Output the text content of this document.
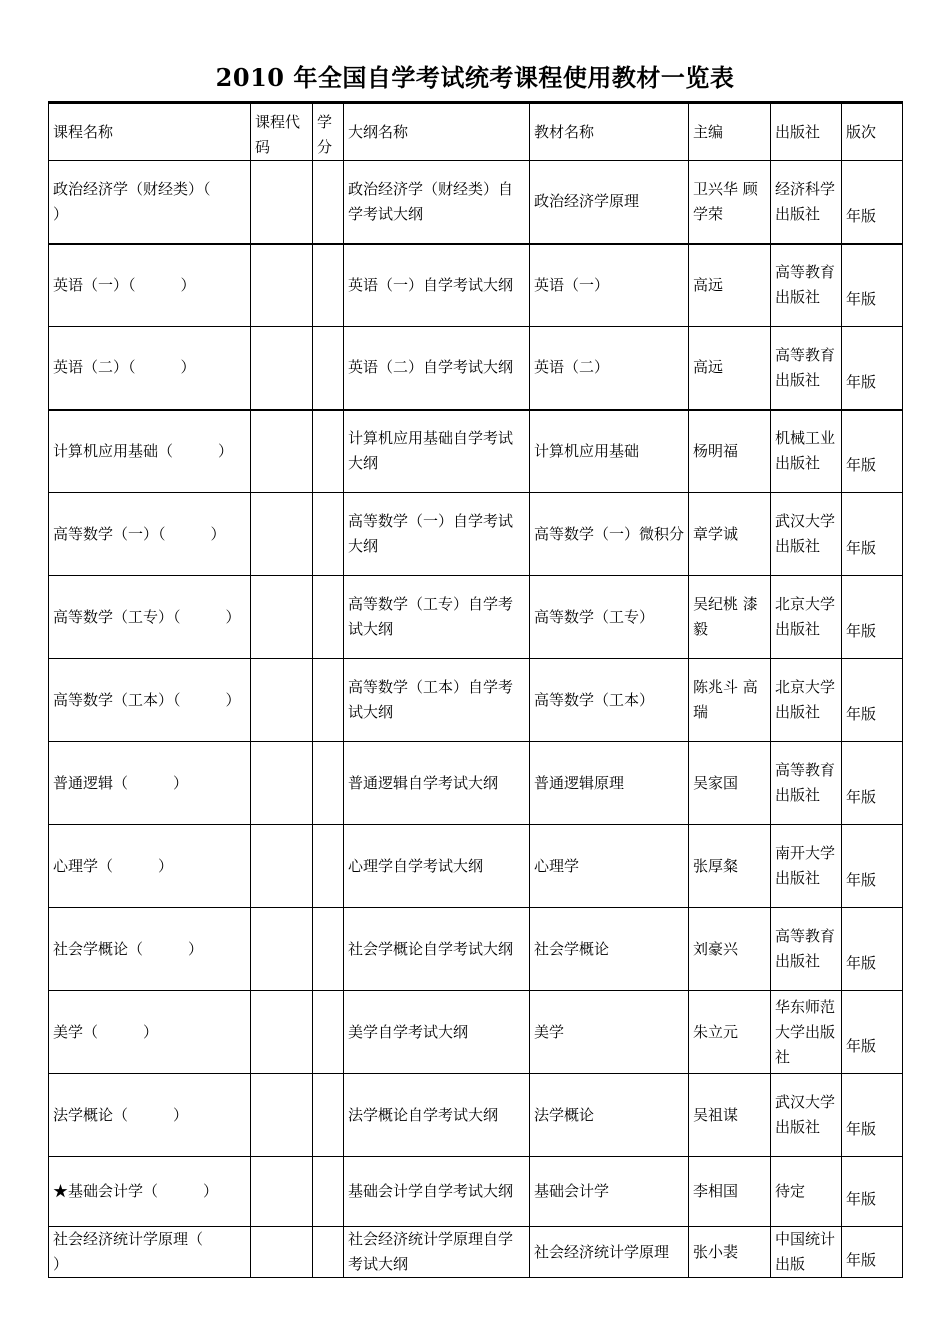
2010 年全国自学考试统考课程使用教材一览表
课程名称	课程代码	学分	大纲名称	教材名称	主编	出版社	版次
政治经济学（财经类）（　　　）			政治经济学（财经类）自学考试大纲	政治经济学原理	卫兴华 顾学荣	经济科学出版社	年版
英语（一）（　　　）			英语（一）自学考试大纲	英语（一）	高远	高等教育出版社	年版
英语（二）（　　　）			英语（二）自学考试大纲	英语（二）	高远	高等教育出版社	年版
计算机应用基础（　　　）			计算机应用基础自学考试大纲	计算机应用基础	杨明福	机械工业出版社	年版
高等数学（一）（　　　）			高等数学（一）自学考试大纲	高等数学（一）微积分	章学诚	武汉大学出版社	年版
高等数学（工专）（　　　）			高等数学（工专）自学考试大纲	高等数学（工专）	吴纪桃 漆　毅	北京大学出版社	年版
高等数学（工本）（　　　）			高等数学（工本）自学考试大纲	高等数学（工本）	陈兆斗 高　瑞	北京大学出版社	年版
普通逻辑（　　　）			普通逻辑自学考试大纲	普通逻辑原理	吴家国	高等教育出版社	年版
心理学（　　　）			心理学自学考试大纲	心理学	张厚粲	南开大学出版社	年版
社会学概论（　　　）			社会学概论自学考试大纲	社会学概论	刘豪兴	高等教育出版社	年版
美学（　　　）			美学自学考试大纲	美学	朱立元	华东师范大学出版社	年版
法学概论（　　　）			法学概论自学考试大纲	法学概论	吴祖谋	武汉大学出版社	年版
★基础会计学（　　　）			基础会计学自学考试大纲	基础会计学	李相国	待定	年版
社会经济统计学原理（　　　）			社会经济统计学原理自学考试大纲	社会经济统计学原理	张小裴	中国统计出版	年版
